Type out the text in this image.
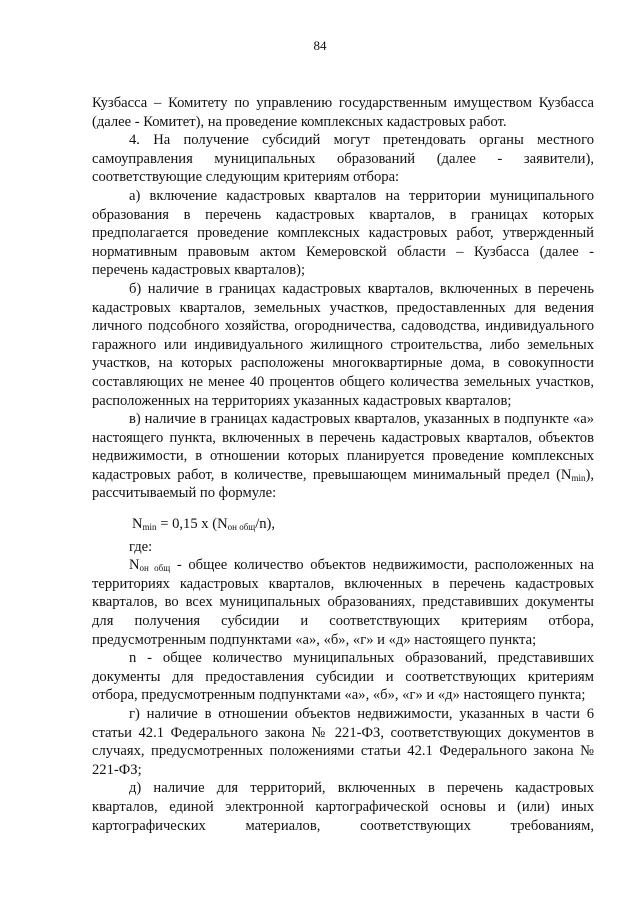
84

Кузбасса – Комитету по управлению государственным имуществом Кузбасса (далее - Комитет), на проведение комплексных кадастровых работ.

4. На получение субсидий могут претендовать органы местного самоуправления муниципальных образований (далее - заявители), соответствующие следующим критериям отбора:

а) включение кадастровых кварталов на территории муниципального образования в перечень кадастровых кварталов, в границах которых предполагается проведение комплексных кадастровых работ, утвержденный нормативным правовым актом Кемеровской области – Кузбасса (далее - перечень кадастровых кварталов);

б) наличие в границах кадастровых кварталов, включенных в перечень кадастровых кварталов, земельных участков, предоставленных для ведения личного подсобного хозяйства, огородничества, садоводства, индивидуального гаражного или индивидуального жилищного строительства, либо земельных участков, на которых расположены многоквартирные дома, в совокупности составляющих не менее 40 процентов общего количества земельных участков, расположенных на территориях указанных кадастровых кварталов;

в) наличие в границах кадастровых кварталов, указанных в подпункте «а» настоящего пункта, включенных в перечень кадастровых кварталов, объектов недвижимости, в отношении которых планируется проведение комплексных кадастровых работ, в количестве, превышающем минимальный предел $(N_{min})$, рассчитываемый по формуле:

$N_{min} = 0,15$ x $(N_{он общ}/n)$,

где:

$N_{он общ}$ - общее количество объектов недвижимости, расположенных на территориях кадастровых кварталов, включенных в перечень кадастровых кварталов, во всех муниципальных образованиях, представивших документы для получения субсидии и соответствующих критериям отбора, предусмотренным подпунктами «а», «б», «г» и «д» настоящего пункта;

n - общее количество муниципальных образований, представивших документы для предоставления субсидии и соответствующих критериям отбора, предусмотренным подпунктами «а», «б», «г» и «д» настоящего пункта;

г) наличие в отношении объектов недвижимости, указанных в части 6 статьи 42.1 Федерального закона № 221-ФЗ, соответствующих документов в случаях, предусмотренных положениями статьи 42.1 Федерального закона № 221-ФЗ;

д) наличие для территорий, включенных в перечень кадастровых кварталов, единой электронной картографической основы и (или) иных картографических материалов, соответствующих требованиям,
